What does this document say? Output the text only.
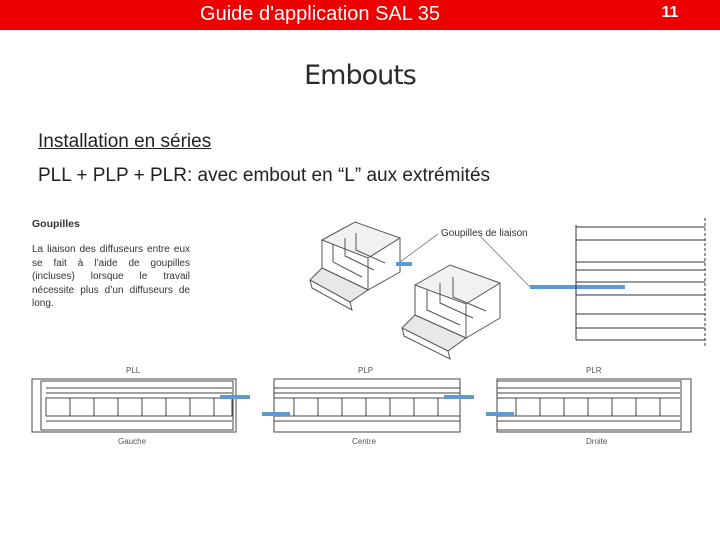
Guide d'application SAL 35	11
Embouts
Installation en séries
PLL + PLP + PLR: avec embout en “L” aux extrémités
Goupilles
La liaison des diffuseurs entre eux se fait à l’aide de goupilles (incluses) lorsque le travail nécessite plus d’un diffuseurs de long.
Goupilles de liaison
PLL	PLP	PLR
Gauche	Centre	Droite
